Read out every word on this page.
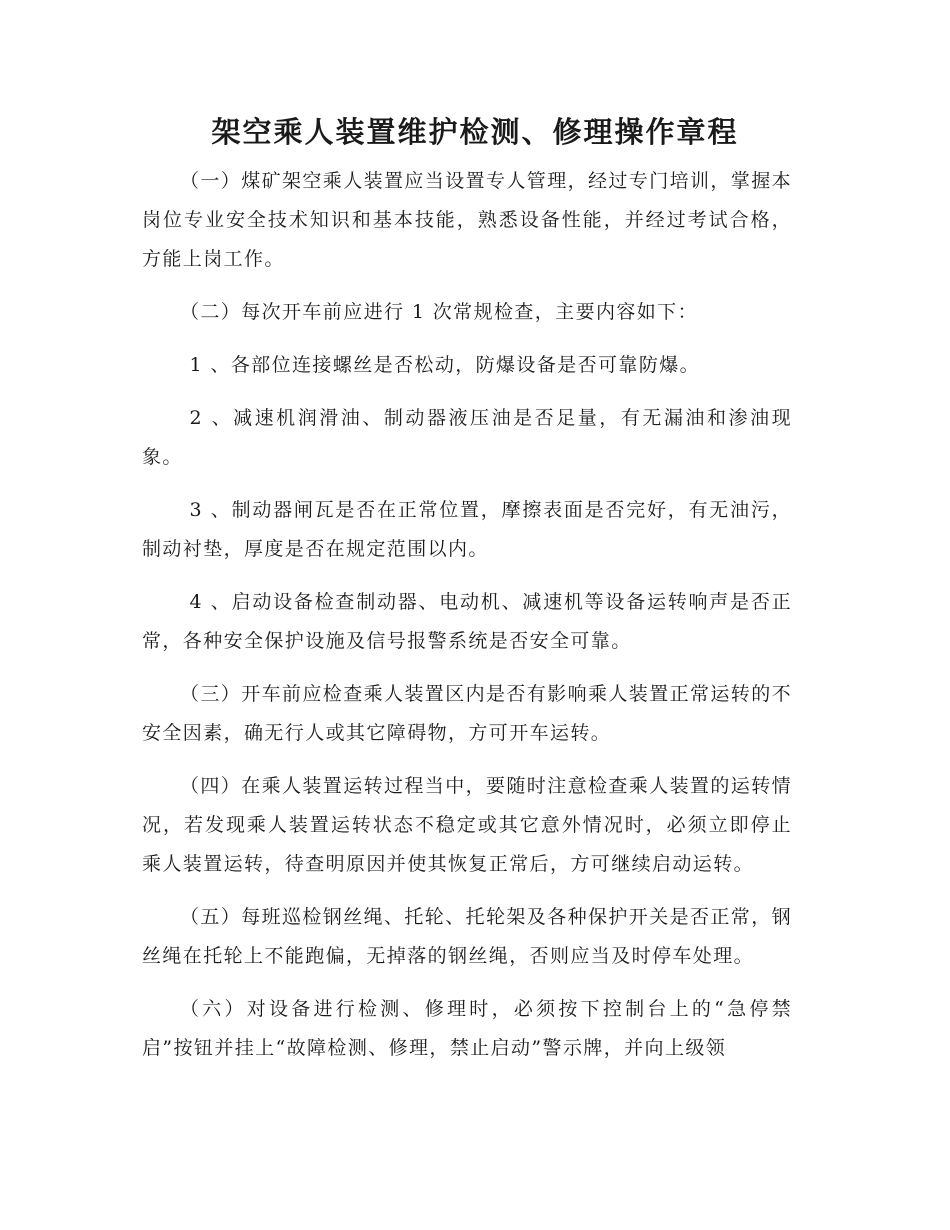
架空乘人装置维护检测、修理操作章程

（一）煤矿架空乘人装置应当设置专人管理，经过专门培训，掌握本岗位专业安全技术知识和基本技能，熟悉设备性能，并经过考试合格，方能上岗工作。

（二）每次开车前应进行 1 次常规检查，主要内容如下：

1 、各部位连接螺丝是否松动，防爆设备是否可靠防爆。

2 、减速机润滑油、制动器液压油是否足量，有无漏油和渗油现象。

3 、制动器闸瓦是否在正常位置，摩擦表面是否完好，有无油污，制动衬垫，厚度是否在规定范围以内。

4 、启动设备检查制动器、电动机、减速机等设备运转响声是否正常，各种安全保护设施及信号报警系统是否安全可靠。

（三）开车前应检查乘人装置区内是否有影响乘人装置正常运转的不安全因素，确无行人或其它障碍物，方可开车运转。

（四）在乘人装置运转过程当中，要随时注意检查乘人装置的运转情况，若发现乘人装置运转状态不稳定或其它意外情况时，必须立即停止乘人装置运转，待查明原因并使其恢复正常后，方可继续启动运转。

（五）每班巡检钢丝绳、托轮、托轮架及各种保护开关是否正常，钢丝绳在托轮上不能跑偏，无掉落的钢丝绳，否则应当及时停车处理。

（六）对设备进行检测、修理时，必须按下控制台上的“急停禁启”按钮并挂上“故障检测、修理，禁止启动”警示牌，并向上级领
